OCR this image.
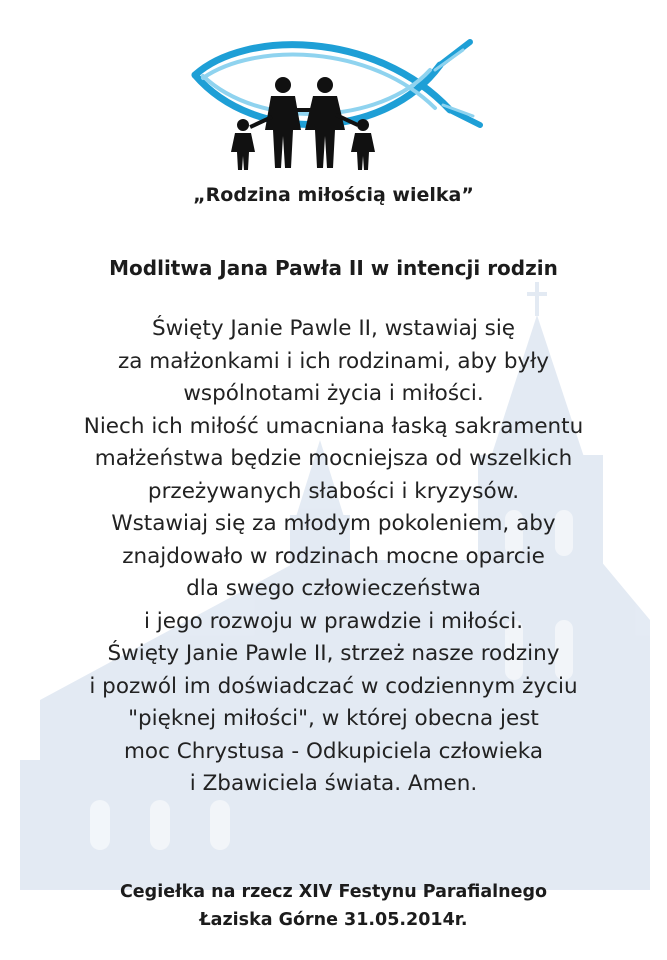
„Rodzina miłością wielka”
Modlitwa Jana Pawła II w intencji rodzin
Święty Janie Pawle II, wstawiaj się
za małżonkami i ich rodzinami, aby były
wspólnotami życia i miłości.
Niech ich miłość umacniana łaską sakramentu
małżeństwa będzie mocniejsza od wszelkich
przeżywanych słabości i kryzysów.
Wstawiaj się za młodym pokoleniem, aby
znajdowało w rodzinach mocne oparcie
dla swego człowieczeństwa
i jego rozwoju w prawdzie i miłości.
Święty Janie Pawle II, strzeż nasze rodziny
i pozwól im doświadczać w codziennym życiu
"pięknej miłości", w której obecna jest
moc Chrystusa - Odkupiciela człowieka
i Zbawiciela świata. Amen.
Cegiełka na rzecz XIV Festynu Parafialnego
Łaziska Górne 31.05.2014r.
